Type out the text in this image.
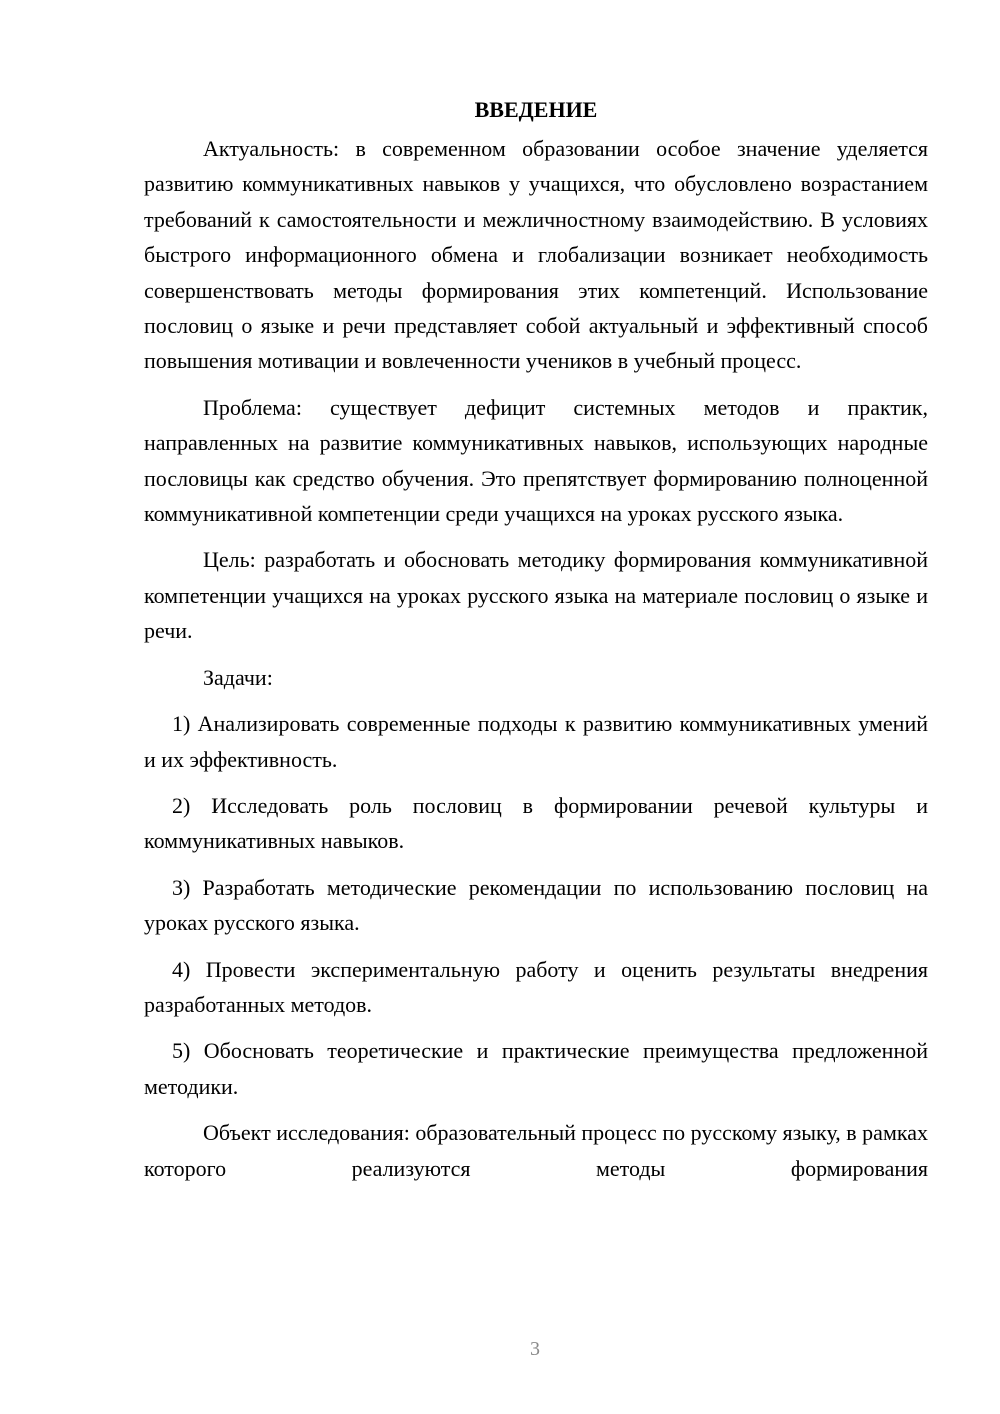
ВВЕДЕНИЕ

Актуальность: в современном образовании особое значение уделяется развитию коммуникативных навыков у учащихся, что обусловлено возрастанием требований к самостоятельности и межличностному взаимодействию. В условиях быстрого информационного обмена и глобализации возникает необходимость совершенствовать методы формирования этих компетенций. Использование пословиц о языке и речи представляет собой актуальный и эффективный способ повышения мотивации и вовлеченности учеников в учебный процесс.

Проблема: существует дефицит системных методов и практик, направленных на развитие коммуникативных навыков, использующих народные пословицы как средство обучения. Это препятствует формированию полноценной коммуникативной компетенции среди учащихся на уроках русского языка.

Цель: разработать и обосновать методику формирования коммуникативной компетенции учащихся на уроках русского языка на материале пословиц о языке и речи.

Задачи:

1) Анализировать современные подходы к развитию коммуникативных умений и их эффективность.

2) Исследовать роль пословиц в формировании речевой культуры и коммуникативных навыков.

3) Разработать методические рекомендации по использованию пословиц на уроках русского языка.

4) Провести экспериментальную работу и оценить результаты внедрения разработанных методов.

5) Обосновать теоретические и практические преимущества предложенной методики.

Объект исследования: образовательный процесс по русскому языку, в рамках которого реализуются методы формирования

3
